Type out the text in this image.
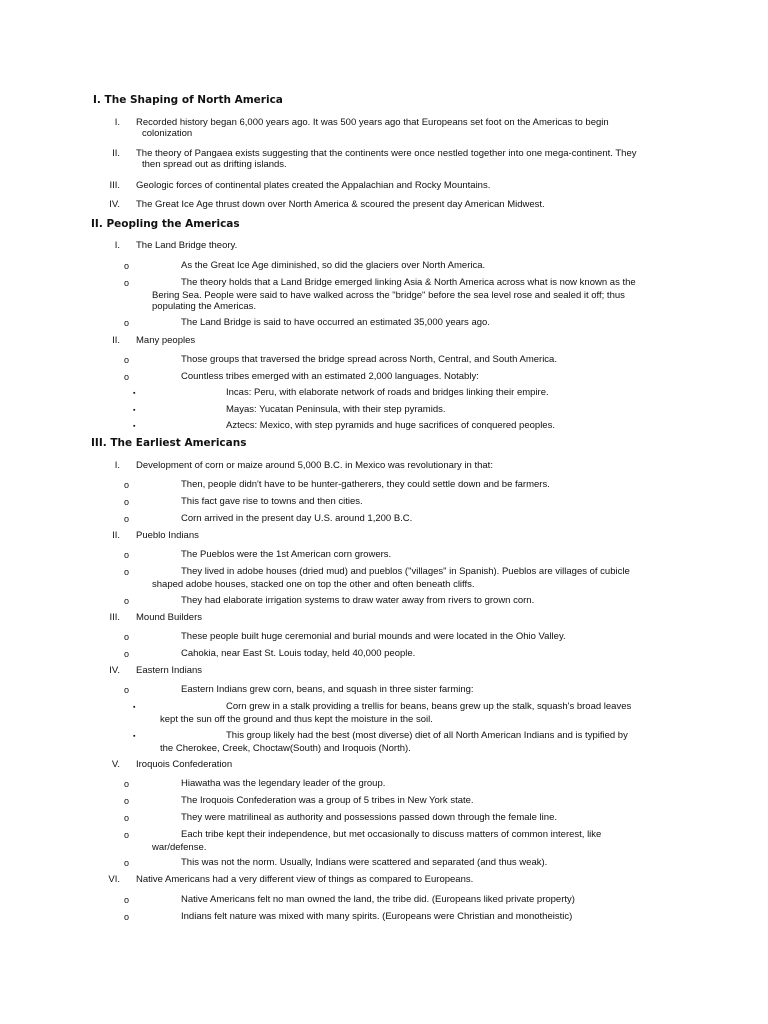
I. The Shaping of North America
I. Recorded history began 6,000 years ago. It was 500 years ago that Europeans set foot on the Americas to begin
colonization
II. The theory of Pangaea exists suggesting that the continents were once nestled together into one mega-continent. They
then spread out as drifting islands.
III. Geologic forces of continental plates created the Appalachian and Rocky Mountains.
IV. The Great Ice Age thrust down over North America & scoured the present day American Midwest.
II. Peopling the Americas
I. The Land Bridge theory.
o	As the Great Ice Age diminished, so did the glaciers over North America.
o	The theory holds that a Land Bridge emerged linking Asia & North America across what is now known as the
Bering Sea. People were said to have walked across the "bridge" before the sea level rose and sealed it off; thus
populating the Americas.
o	The Land Bridge is said to have occurred an estimated 35,000 years ago.
II. Many peoples
o	Those groups that traversed the bridge spread across North, Central, and South America.
o	Countless tribes emerged with an estimated 2,000 languages. Notably:
▪	Incas: Peru, with elaborate network of roads and bridges linking their empire.
▪	Mayas: Yucatan Peninsula, with their step pyramids.
▪	Aztecs: Mexico, with step pyramids and huge sacrifices of conquered peoples.
III. The Earliest Americans
I. Development of corn or maize around 5,000 B.C. in Mexico was revolutionary in that:
o	Then, people didn't have to be hunter-gatherers, they could settle down and be farmers.
o	This fact gave rise to towns and then cities.
o	Corn arrived in the present day U.S. around 1,200 B.C.
II. Pueblo Indians
o	The Pueblos were the 1st American corn growers.
o	They lived in adobe houses (dried mud) and pueblos ("villages" in Spanish). Pueblos are villages of cubicle
shaped adobe houses, stacked one on top the other and often beneath cliffs.
o	They had elaborate irrigation systems to draw water away from rivers to grown corn.
III. Mound Builders
o	These people built huge ceremonial and burial mounds and were located in the Ohio Valley.
o	Cahokia, near East St. Louis today, held 40,000 people.
IV. Eastern Indians
o	Eastern Indians grew corn, beans, and squash in three sister farming:
▪	Corn grew in a stalk providing a trellis for beans, beans grew up the stalk, squash's broad leaves
kept the sun off the ground and thus kept the moisture in the soil.
▪	This group likely had the best (most diverse) diet of all North American Indians and is typified by
the Cherokee, Creek, Choctaw(South) and Iroquois (North).
V. Iroquois Confederation
o	Hiawatha was the legendary leader of the group.
o	The Iroquois Confederation was a group of 5 tribes in New York state.
o	They were matrilineal as authority and possessions passed down through the female line.
o	Each tribe kept their independence, but met occasionally to discuss matters of common interest, like
war/defense.
o	This was not the norm. Usually, Indians were scattered and separated (and thus weak).
VI. Native Americans had a very different view of things as compared to Europeans.
o	Native Americans felt no man owned the land, the tribe did. (Europeans liked private property)
o	Indians felt nature was mixed with many spirits. (Europeans were Christian and monotheistic)
